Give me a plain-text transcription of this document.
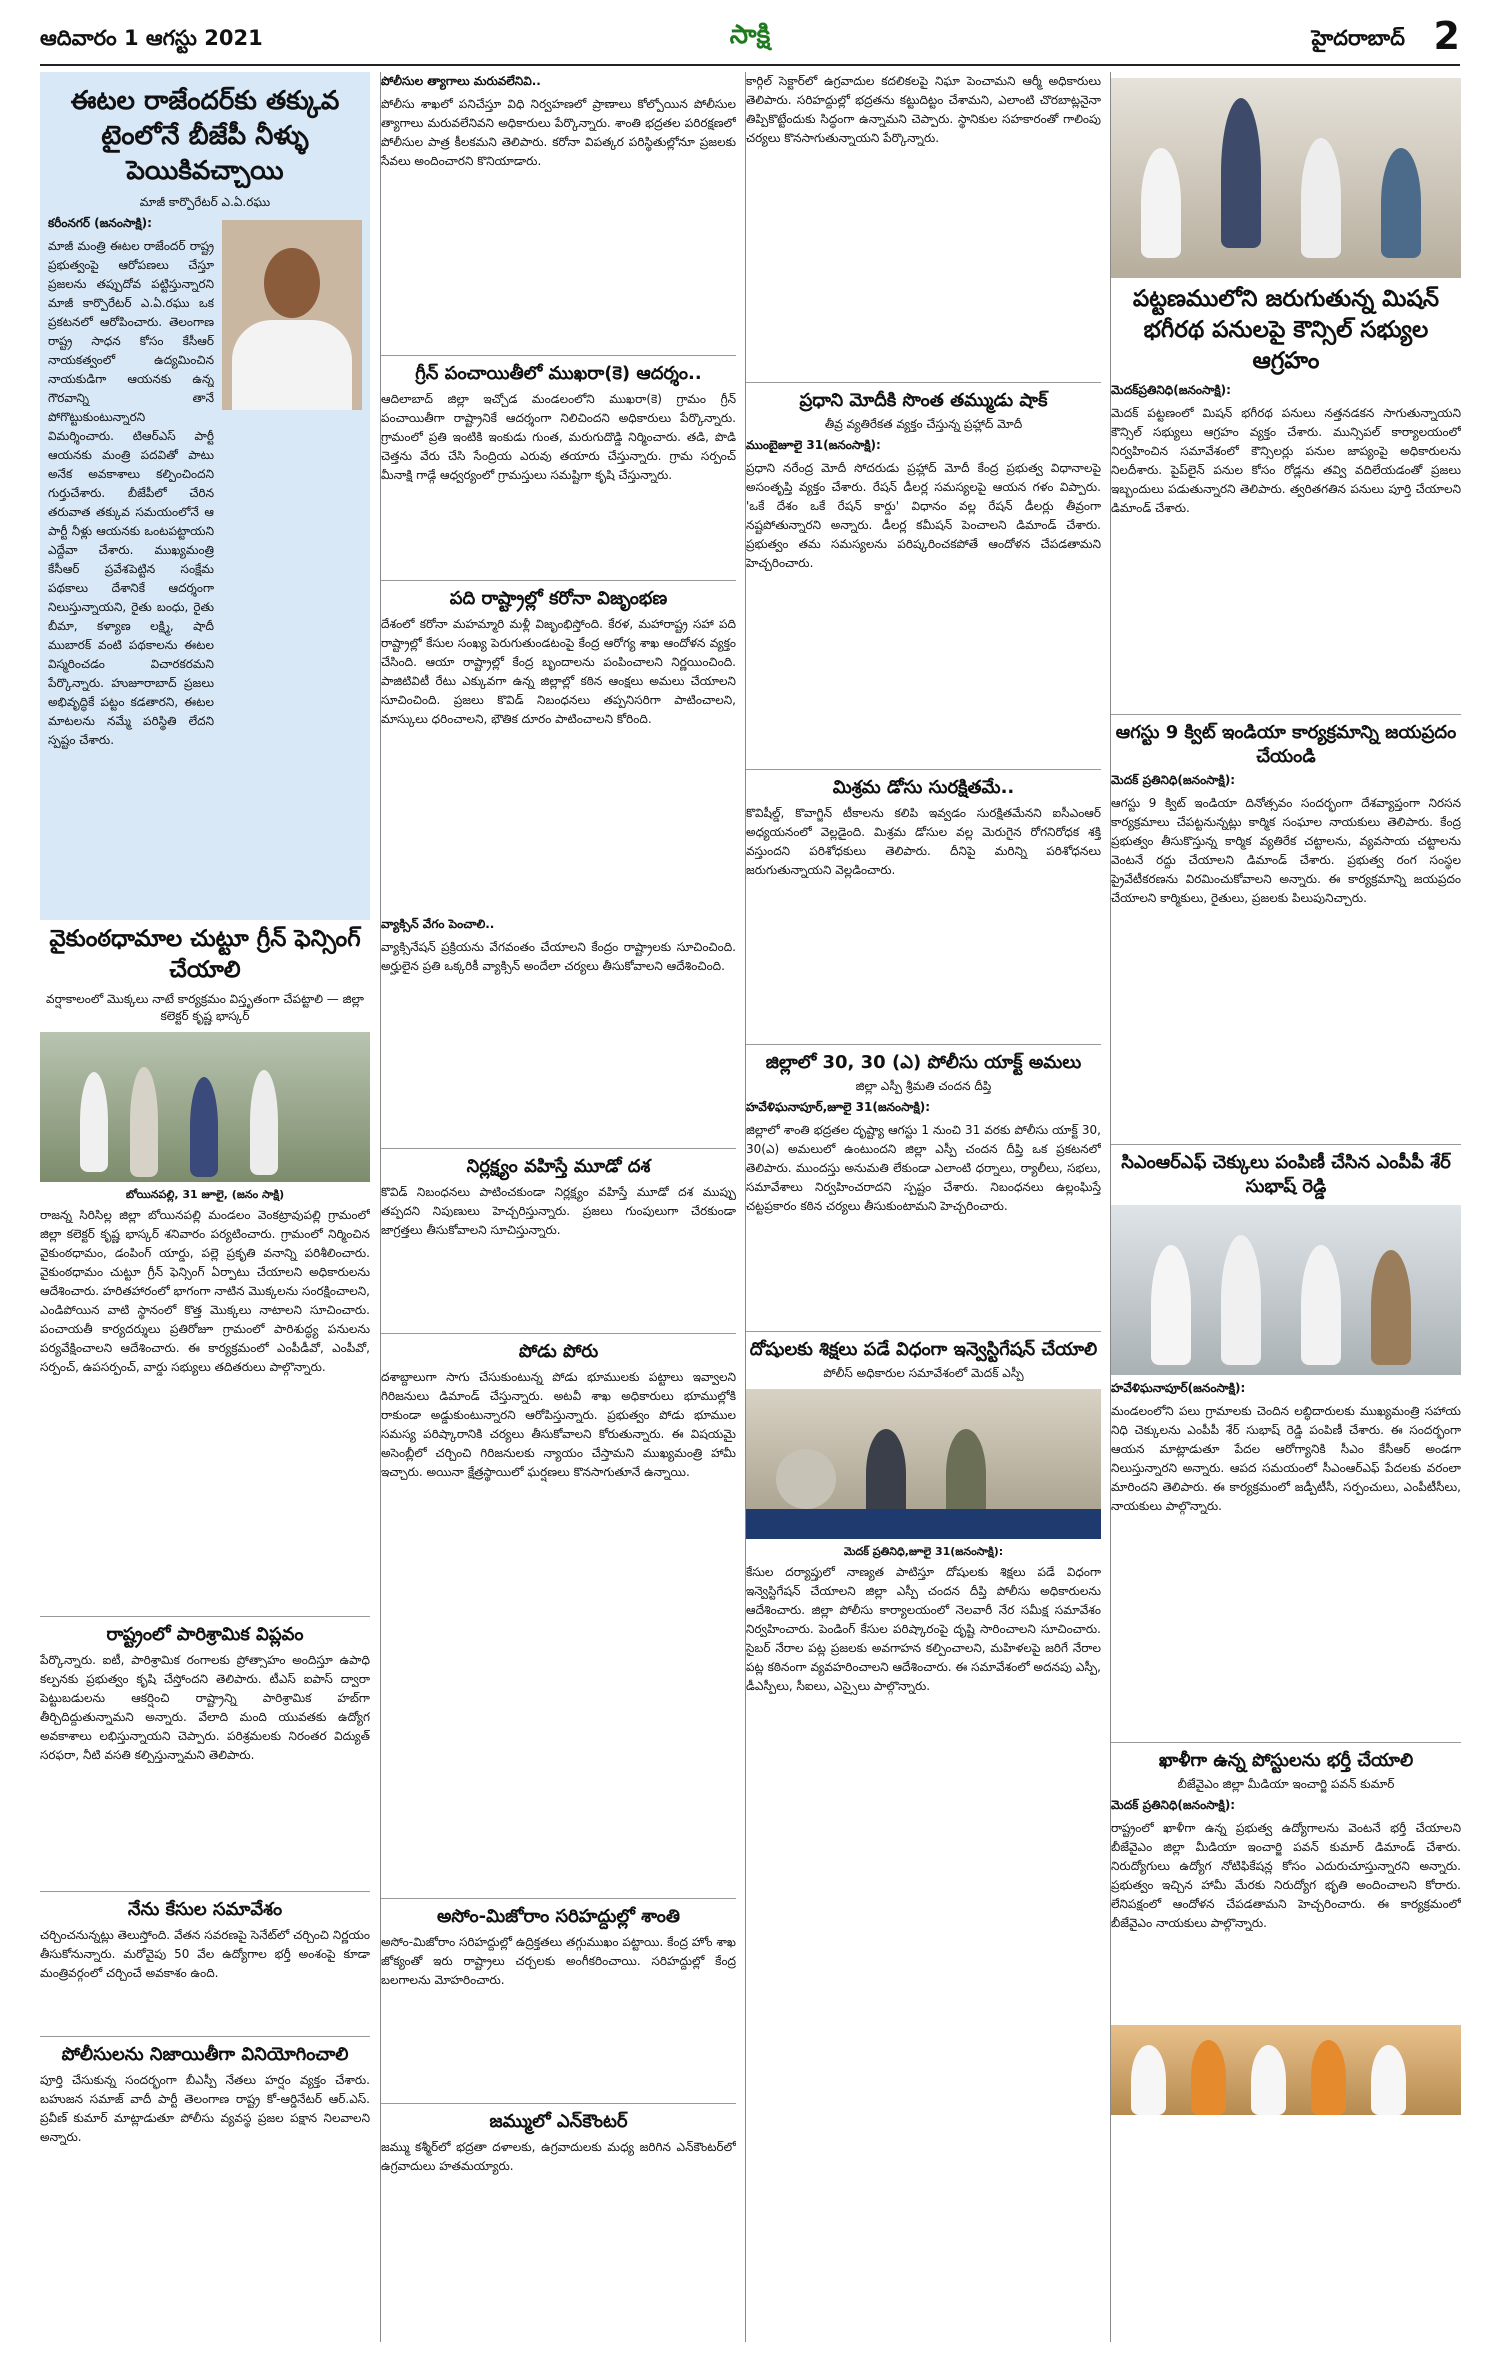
ఆదివారం 1 ఆగస్టు 2021	సాక్షి	హైదరాబాద్ 2
ఈటల రాజేందర్‌కు తక్కువ టైంలోనే బీజేపీ నీళ్ళు పెయికివచ్చాయి
మాజీ కార్పొరేటర్ ఎ.ఏ.రఘు
కరీంనగర్ (జనంసాక్షి):
మాజీ మంత్రి ఈటల రాజేందర్ రాష్ట్ర ప్రభుత్వంపై ఆరోపణలు చేస్తూ ప్రజలను తప్పుదోవ పట్టిస్తున్నారని మాజీ కార్పొరేటర్ ఎ.ఏ.రఘు ఒక ప్రకటనలో ఆరోపించారు. తెలంగాణ రాష్ట్ర సాధన కోసం కేసీఆర్ నాయకత్వంలో ఉద్యమించిన నాయకుడిగా ఆయనకు ఉన్న గౌరవాన్ని తానే పోగొట్టుకుంటున్నారని విమర్శించారు. టిఆర్ఎస్ పార్టీ ఆయనకు మంత్రి పదవితో పాటు అనేక అవకాశాలు కల్పించిందని గుర్తుచేశారు. బీజేపీలో చేరిన తరువాత తక్కువ సమయంలోనే ఆ పార్టీ నీళ్లు ఆయనకు ఒంటపట్టాయని ఎద్దేవా చేశారు. ముఖ్యమంత్రి కేసీఆర్ ప్రవేశపెట్టిన సంక్షేమ పథకాలు దేశానికే ఆదర్శంగా నిలుస్తున్నాయని, రైతు బంధు, రైతు బీమా, కళ్యాణ లక్ష్మి, షాదీ ముబారక్ వంటి పథకాలను ఈటల విస్మరించడం విచారకరమని పేర్కొన్నారు. హుజూరాబాద్ ప్రజలు అభివృద్ధికే పట్టం కడతారని, ఈటల మాటలను నమ్మే పరిస్థితి లేదని స్పష్టం చేశారు.
వైకుంఠధామాల చుట్టూ గ్రీన్ ఫెన్సింగ్ చేయాలి
వర్షాకాలంలో మొక్కలు నాటే కార్యక్రమం విస్తృతంగా చేపట్టాలి — జిల్లా కలెక్టర్ కృష్ణ భాస్కర్
బోయినపల్లి, 31 జూలై, (జనం సాక్షి)
రాజన్న సిరిసిల్ల జిల్లా బోయినపల్లి మండలం వెంకట్రావుపల్లి గ్రామంలో జిల్లా కలెక్టర్ కృష్ణ భాస్కర్ శనివారం పర్యటించారు. గ్రామంలో నిర్మించిన వైకుంఠధామం, డంపింగ్ యార్డు, పల్లె ప్రకృతి వనాన్ని పరిశీలించారు. వైకుంఠధామం చుట్టూ గ్రీన్ ఫెన్సింగ్ ఏర్పాటు చేయాలని అధికారులను ఆదేశించారు. హరితహారంలో భాగంగా నాటిన మొక్కలను సంరక్షించాలని, ఎండిపోయిన వాటి స్థానంలో కొత్త మొక్కలు నాటాలని సూచించారు. పంచాయతీ కార్యదర్శులు ప్రతిరోజూ గ్రామంలో పారిశుద్ధ్య పనులను పర్యవేక్షించాలని ఆదేశించారు. ఈ కార్యక్రమంలో ఎంపీడీవో, ఎంపీవో, సర్పంచ్, ఉపసర్పంచ్, వార్డు సభ్యులు తదితరులు పాల్గొన్నారు.
రాష్ట్రంలో పారిశ్రామిక విప్లవం
పేర్కొన్నారు. ఐటీ, పారిశ్రామిక రంగాలకు ప్రోత్సాహం అందిస్తూ ఉపాధి కల్పనకు ప్రభుత్వం కృషి చేస్తోందని తెలిపారు. టీఎస్ ఐపాస్ ద్వారా పెట్టుబడులను ఆకర్షించి రాష్ట్రాన్ని పారిశ్రామిక హబ్‌గా తీర్చిదిద్దుతున్నామని అన్నారు. వేలాది మంది యువతకు ఉద్యోగ అవకాశాలు లభిస్తున్నాయని చెప్పారు. పరిశ్రమలకు నిరంతర విద్యుత్ సరఫరా, నీటి వసతి కల్పిస్తున్నామని తెలిపారు.
నేను కేసుల సమావేశం
చర్చించనున్నట్లు తెలుస్తోంది. వేతన సవరణపై సెనేట్‌లో చర్చించి నిర్ణయం తీసుకోనున్నారు. మరోవైపు 50 వేల ఉద్యోగాల భర్తీ అంశంపై కూడా మంత్రివర్గంలో చర్చించే అవకాశం ఉంది.
పోలీసులను నిజాయితీగా వినియోగించాలి
పూర్తి చేసుకున్న సందర్భంగా బీఎస్పీ నేతలు హర్షం వ్యక్తం చేశారు. బహుజన సమాజ్ వాదీ పార్టీ తెలంగాణ రాష్ట్ర కో-ఆర్డినేటర్ ఆర్.ఎస్. ప్రవీణ్ కుమార్ మాట్లాడుతూ పోలీసు వ్యవస్థ ప్రజల పక్షాన నిలవాలని అన్నారు.
పోలీసుల త్యాగాలు మరువలేనివి..
పోలీసు శాఖలో పనిచేస్తూ విధి నిర్వహణలో ప్రాణాలు కోల్పోయిన పోలీసుల త్యాగాలు మరువలేనివని అధికారులు పేర్కొన్నారు. శాంతి భద్రతల పరిరక్షణలో పోలీసుల పాత్ర కీలకమని తెలిపారు. కరోనా విపత్కర పరిస్థితుల్లోనూ ప్రజలకు సేవలు అందించారని కొనియాడారు.
గ్రీన్ పంచాయితీలో ముఖరా(కె) ఆదర్శం..
ఆదిలాబాద్ జిల్లా ఇచ్చోడ మండలంలోని ముఖరా(కె) గ్రామం గ్రీన్ పంచాయితీగా రాష్ట్రానికే ఆదర్శంగా నిలిచిందని అధికారులు పేర్కొన్నారు. గ్రామంలో ప్రతి ఇంటికి ఇంకుడు గుంత, మరుగుదొడ్డి నిర్మించారు. తడి, పొడి చెత్తను వేరు చేసి సేంద్రియ ఎరువు తయారు చేస్తున్నారు. గ్రామ సర్పంచ్ మీనాక్షి గాడ్గే ఆధ్వర్యంలో గ్రామస్తులు సమష్టిగా కృషి చేస్తున్నారు.
పది రాష్ట్రాల్లో కరోనా విజృంభణ
దేశంలో కరోనా మహమ్మారి మళ్లీ విజృంభిస్తోంది. కేరళ, మహారాష్ట్ర సహా పది రాష్ట్రాల్లో కేసుల సంఖ్య పెరుగుతుండటంపై కేంద్ర ఆరోగ్య శాఖ ఆందోళన వ్యక్తం చేసింది. ఆయా రాష్ట్రాల్లో కేంద్ర బృందాలను పంపించాలని నిర్ణయించింది. పాజిటివిటీ రేటు ఎక్కువగా ఉన్న జిల్లాల్లో కఠిన ఆంక్షలు అమలు చేయాలని సూచించింది. ప్రజలు కొవిడ్ నిబంధనలు తప్పనిసరిగా పాటించాలని, మాస్కులు ధరించాలని, భౌతిక దూరం పాటించాలని కోరింది.
వ్యాక్సిన్ వేగం పెంచాలి..
వ్యాక్సినేషన్ ప్రక్రియను వేగవంతం చేయాలని కేంద్రం రాష్ట్రాలకు సూచించింది. అర్హులైన ప్రతి ఒక్కరికీ వ్యాక్సిన్ అందేలా చర్యలు తీసుకోవాలని ఆదేశించింది.
నిర్లక్ష్యం వహిస్తే మూడో దశ
కొవిడ్ నిబంధనలు పాటించకుండా నిర్లక్ష్యం వహిస్తే మూడో దశ ముప్పు తప్పదని నిపుణులు హెచ్చరిస్తున్నారు. ప్రజలు గుంపులుగా చేరకుండా జాగ్రత్తలు తీసుకోవాలని సూచిస్తున్నారు.
పోడు పోరు
దశాబ్దాలుగా సాగు చేసుకుంటున్న పోడు భూములకు పట్టాలు ఇవ్వాలని గిరిజనులు డిమాండ్ చేస్తున్నారు. అటవీ శాఖ అధికారులు భూముల్లోకి రాకుండా అడ్డుకుంటున్నారని ఆరోపిస్తున్నారు. ప్రభుత్వం పోడు భూముల సమస్య పరిష్కారానికి చర్యలు తీసుకోవాలని కోరుతున్నారు. ఈ విషయమై అసెంబ్లీలో చర్చించి గిరిజనులకు న్యాయం చేస్తామని ముఖ్యమంత్రి హామీ ఇచ్చారు. అయినా క్షేత్రస్థాయిలో ఘర్షణలు కొనసాగుతూనే ఉన్నాయి.
అసోం-మిజోరాం సరిహద్దుల్లో శాంతి
అసోం-మిజోరాం సరిహద్దుల్లో ఉద్రిక్తతలు తగ్గుముఖం పట్టాయి. కేంద్ర హోం శాఖ జోక్యంతో ఇరు రాష్ట్రాలు చర్చలకు అంగీకరించాయి. సరిహద్దుల్లో కేంద్ర బలగాలను మోహరించారు.
జమ్ములో ఎన్‌కౌంటర్
జమ్ము కశ్మీర్‌లో భద్రతా దళాలకు, ఉగ్రవాదులకు మధ్య జరిగిన ఎన్‌కౌంటర్‌లో ఉగ్రవాదులు హతమయ్యారు.
కార్గిల్ సెక్టార్‌లో ఉగ్రవాదుల కదలికలపై నిఘా పెంచామని ఆర్మీ అధికారులు తెలిపారు. సరిహద్దుల్లో భద్రతను కట్టుదిట్టం చేశామని, ఎలాంటి చొరబాట్లనైనా తిప్పికొట్టేందుకు సిద్ధంగా ఉన్నామని చెప్పారు. స్థానికుల సహకారంతో గాలింపు చర్యలు కొనసాగుతున్నాయని పేర్కొన్నారు.
ప్రధాని మోదీకి సొంత తమ్ముడు షాక్
తీవ్ర వ్యతిరేకత వ్యక్తం చేస్తున్న ప్రహ్లాద్ మోదీ
ముంబైజూలై 31(జనంసాక్షి):
ప్రధాని నరేంద్ర మోదీ సోదరుడు ప్రహ్లాద్ మోదీ కేంద్ర ప్రభుత్వ విధానాలపై అసంతృప్తి వ్యక్తం చేశారు. రేషన్ డీలర్ల సమస్యలపై ఆయన గళం విప్పారు. 'ఒకే దేశం ఒకే రేషన్ కార్డు' విధానం వల్ల రేషన్ డీలర్లు తీవ్రంగా నష్టపోతున్నారని అన్నారు. డీలర్ల కమీషన్ పెంచాలని డిమాండ్ చేశారు. ప్రభుత్వం తమ సమస్యలను పరిష్కరించకపోతే ఆందోళన చేపడతామని హెచ్చరించారు.
మిశ్రమ డోసు సురక్షితమే..
కొవిషీల్డ్, కొవాగ్జిన్ టీకాలను కలిపి ఇవ్వడం సురక్షితమేనని ఐసీఎంఆర్ అధ్యయనంలో వెల్లడైంది. మిశ్రమ డోసుల వల్ల మెరుగైన రోగనిరోధక శక్తి వస్తుందని పరిశోధకులు తెలిపారు. దీనిపై మరిన్ని పరిశోధనలు జరుగుతున్నాయని వెల్లడించారు.
జిల్లాలో 30, 30 (ఎ) పోలీసు యాక్ట్ అమలు
జిల్లా ఎస్పీ శ్రీమతి చందన దీప్తి
హవేళిఘనాపూర్,జూలై 31(జనంసాక్షి):
జిల్లాలో శాంతి భద్రతల దృష్ట్యా ఆగస్టు 1 నుంచి 31 వరకు పోలీసు యాక్ట్ 30, 30(ఎ) అమలులో ఉంటుందని జిల్లా ఎస్పీ చందన దీప్తి ఒక ప్రకటనలో తెలిపారు. ముందస్తు అనుమతి లేకుండా ఎలాంటి ధర్నాలు, ర్యాలీలు, సభలు, సమావేశాలు నిర్వహించరాదని స్పష్టం చేశారు. నిబంధనలు ఉల్లంఘిస్తే చట్టప్రకారం కఠిన చర్యలు తీసుకుంటామని హెచ్చరించారు.
దోషులకు శిక్షలు పడే విధంగా ఇన్వెస్టిగేషన్ చేయాలి
పోలీస్ అధికారుల సమావేశంలో మెదక్ ఎస్పీ
మెదక్ ప్రతినిధి,జూలై 31(జనంసాక్షి):
కేసుల దర్యాప్తులో నాణ్యత పాటిస్తూ దోషులకు శిక్షలు పడే విధంగా ఇన్వెస్టిగేషన్ చేయాలని జిల్లా ఎస్పీ చందన దీప్తి పోలీసు అధికారులను ఆదేశించారు. జిల్లా పోలీసు కార్యాలయంలో నెలవారీ నేర సమీక్ష సమావేశం నిర్వహించారు. పెండింగ్ కేసుల పరిష్కారంపై దృష్టి సారించాలని సూచించారు. సైబర్ నేరాల పట్ల ప్రజలకు అవగాహన కల్పించాలని, మహిళలపై జరిగే నేరాల పట్ల కఠినంగా వ్యవహరించాలని ఆదేశించారు. ఈ సమావేశంలో అదనపు ఎస్పీ, డీఎస్పీలు, సీఐలు, ఎస్సైలు పాల్గొన్నారు.
పట్టణములోని జరుగుతున్న మిషన్ భగీరథ పనులపై కౌన్సిల్ సభ్యుల ఆగ్రహం
మెదక్‌ప్రతినిధి(జనంసాక్షి):
మెదక్ పట్టణంలో మిషన్ భగీరథ పనులు నత్తనడకన సాగుతున్నాయని కౌన్సిల్ సభ్యులు ఆగ్రహం వ్యక్తం చేశారు. మున్సిపల్ కార్యాలయంలో నిర్వహించిన సమావేశంలో కౌన్సిలర్లు పనుల జాప్యంపై అధికారులను నిలదీశారు. పైప్‌లైన్ పనుల కోసం రోడ్లను తవ్వి వదిలేయడంతో ప్రజలు ఇబ్బందులు పడుతున్నారని తెలిపారు. త్వరితగతిన పనులు పూర్తి చేయాలని డిమాండ్ చేశారు.
ఆగస్టు 9 క్విట్ ఇండియా కార్యక్రమాన్ని జయప్రదం చేయండి
మెదక్ ప్రతినిధి(జనంసాక్షి):
ఆగస్టు 9 క్విట్ ఇండియా దినోత్సవం సందర్భంగా దేశవ్యాప్తంగా నిరసన కార్యక్రమాలు చేపట్టనున్నట్లు కార్మిక సంఘాల నాయకులు తెలిపారు. కేంద్ర ప్రభుత్వం తీసుకొస్తున్న కార్మిక వ్యతిరేక చట్టాలను, వ్యవసాయ చట్టాలను వెంటనే రద్దు చేయాలని డిమాండ్ చేశారు. ప్రభుత్వ రంగ సంస్థల ప్రైవేటీకరణను విరమించుకోవాలని అన్నారు. ఈ కార్యక్రమాన్ని జయప్రదం చేయాలని కార్మికులు, రైతులు, ప్రజలకు పిలుపునిచ్చారు.
సిఎంఆర్‌ఎఫ్ చెక్కులు పంపిణీ చేసిన ఎంపీపీ శేర్ సుభాష్ రెడ్డి
హవేళిఘనాపూర్(జనంసాక్షి):
మండలంలోని పలు గ్రామాలకు చెందిన లబ్ధిదారులకు ముఖ్యమంత్రి సహాయ నిధి చెక్కులను ఎంపీపీ శేర్ సుభాష్ రెడ్డి పంపిణీ చేశారు. ఈ సందర్భంగా ఆయన మాట్లాడుతూ పేదల ఆరోగ్యానికి సీఎం కేసీఆర్ అండగా నిలుస్తున్నారని అన్నారు. ఆపద సమయంలో సీఎంఆర్ఎఫ్ పేదలకు వరంలా మారిందని తెలిపారు. ఈ కార్యక్రమంలో జడ్పీటీసీ, సర్పంచులు, ఎంపీటీసీలు, నాయకులు పాల్గొన్నారు.
ఖాళీగా ఉన్న పోస్టులను భర్తీ చేయాలి
బీజేవైఎం జిల్లా మీడియా ఇంచార్జి పవన్ కుమార్
మెదక్ ప్రతినిధి(జనంసాక్షి):
రాష్ట్రంలో ఖాళీగా ఉన్న ప్రభుత్వ ఉద్యోగాలను వెంటనే భర్తీ చేయాలని బీజేవైఎం జిల్లా మీడియా ఇంచార్జి పవన్ కుమార్ డిమాండ్ చేశారు. నిరుద్యోగులు ఉద్యోగ నోటిఫికేషన్ల కోసం ఎదురుచూస్తున్నారని అన్నారు. ప్రభుత్వం ఇచ్చిన హామీ మేరకు నిరుద్యోగ భృతి అందించాలని కోరారు. లేనిపక్షంలో ఆందోళన చేపడతామని హెచ్చరించారు. ఈ కార్యక్రమంలో బీజేవైఎం నాయకులు పాల్గొన్నారు.
